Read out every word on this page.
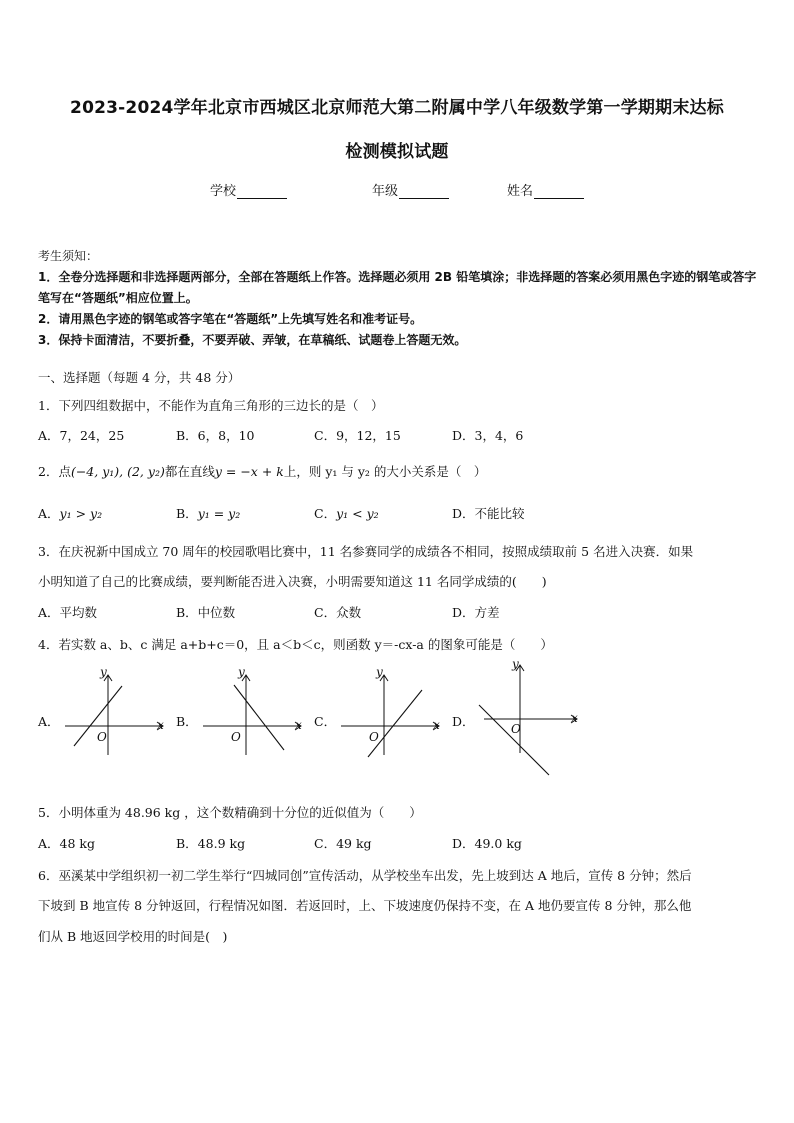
2023-2024学年北京市西城区北京师范大第二附属中学八年级数学第一学期期末达标
检测模拟试题
学校	年级	姓名
考生须知：
1．全卷分选择题和非选择题两部分，全部在答题纸上作答。选择题必须用 2B 铅笔填涂；非选择题的答案必须用黑色字迹的钢笔或答字笔写在“答题纸”相应位置上。
2．请用黑色字迹的钢笔或答字笔在“答题纸”上先填写姓名和准考证号。
3．保持卡面清洁，不要折叠，不要弄破、弄皱，在草稿纸、试题卷上答题无效。
一、选择题（每题 4 分，共 48 分）
1．下列四组数据中，不能作为直角三角形的三边长的是（　）
A．7，24，25	B．6，8，10	C．9，12，15	D．3，4，6
2．点(−4, y₁), (2, y₂)都在直线y = −x + k上，则 y₁ 与 y₂ 的大小关系是（　）
A．y₁ > y₂	B．y₁ = y₂	C．y₁ < y₂	D．不能比较
3．在庆祝新中国成立 70 周年的校园歌唱比赛中，11 名参赛同学的成绩各不相同，按照成绩取前 5 名进入决赛．如果
小明知道了自己的比赛成绩，要判断能否进入决赛，小明需要知道这 11 名同学成绩的(　　)
A．平均数	B．中位数	C．众数	D．方差
4．若实数 a、b、c 满足 a+b+c＝0，且 a＜b＜c，则函数 y＝-cx-a 的图象可能是（　　）
A．	x
y
O
B．	x
y
O
C．	x
y
O
D．	x
y
O
5．小明体重为 48.96 kg ，这个数精确到十分位的近似值为（　　）
A．48 kg	B．48.9 kg	C．49 kg	D．49.0 kg
6．巫溪某中学组织初一初二学生举行“四城同创”宣传活动，从学校坐车出发，先上坡到达 A 地后，宣传 8 分钟；然后
下坡到 B 地宣传 8 分钟返回，行程情况如图．若返回时，上、下坡速度仍保持不变，在 A 地仍要宣传 8 分钟，那么他
们从 B 地返回学校用的时间是(　)
